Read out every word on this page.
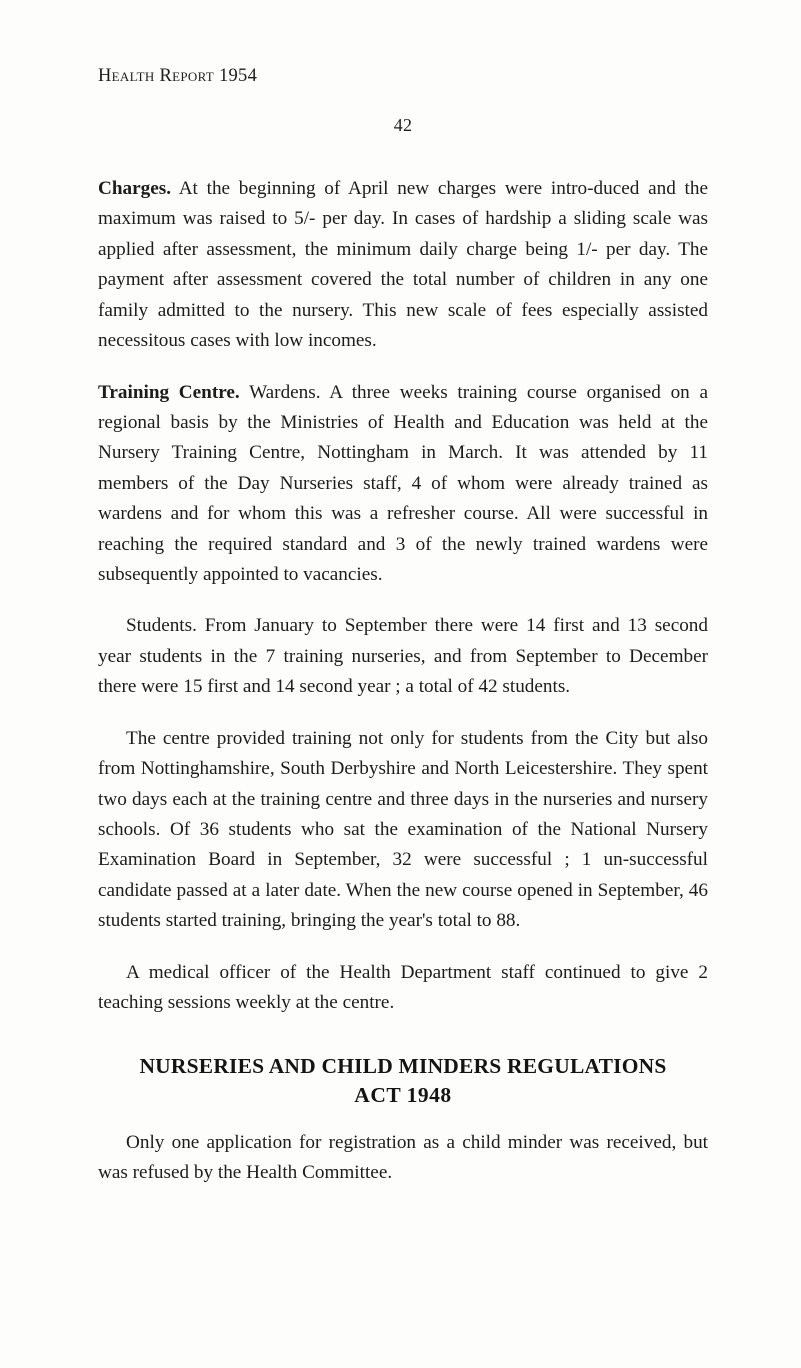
Health Report 1954
42

Charges. At the beginning of April new charges were intro-duced and the maximum was raised to 5/- per day. In cases of hardship a sliding scale was applied after assessment, the minimum daily charge being 1/- per day. The payment after assessment covered the total number of children in any one family admitted to the nursery. This new scale of fees especially assisted necessitous cases with low incomes.

Training Centre. Wardens. A three weeks training course organised on a regional basis by the Ministries of Health and Education was held at the Nursery Training Centre, Nottingham in March. It was attended by 11 members of the Day Nurseries staff, 4 of whom were already trained as wardens and for whom this was a refresher course. All were successful in reaching the required standard and 3 of the newly trained wardens were subsequently appointed to vacancies.

Students. From January to September there were 14 first and 13 second year students in the 7 training nurseries, and from September to December there were 15 first and 14 second year ; a total of 42 students.

The centre provided training not only for students from the City but also from Nottinghamshire, South Derbyshire and North Leicestershire. They spent two days each at the training centre and three days in the nurseries and nursery schools. Of 36 students who sat the examination of the National Nursery Examination Board in September, 32 were successful ; 1 un-successful candidate passed at a later date. When the new course opened in September, 46 students started training, bringing the year's total to 88.

A medical officer of the Health Department staff continued to give 2 teaching sessions weekly at the centre.

NURSERIES AND CHILD MINDERS REGULATIONS
ACT 1948

Only one application for registration as a child minder was received, but was refused by the Health Committee.
